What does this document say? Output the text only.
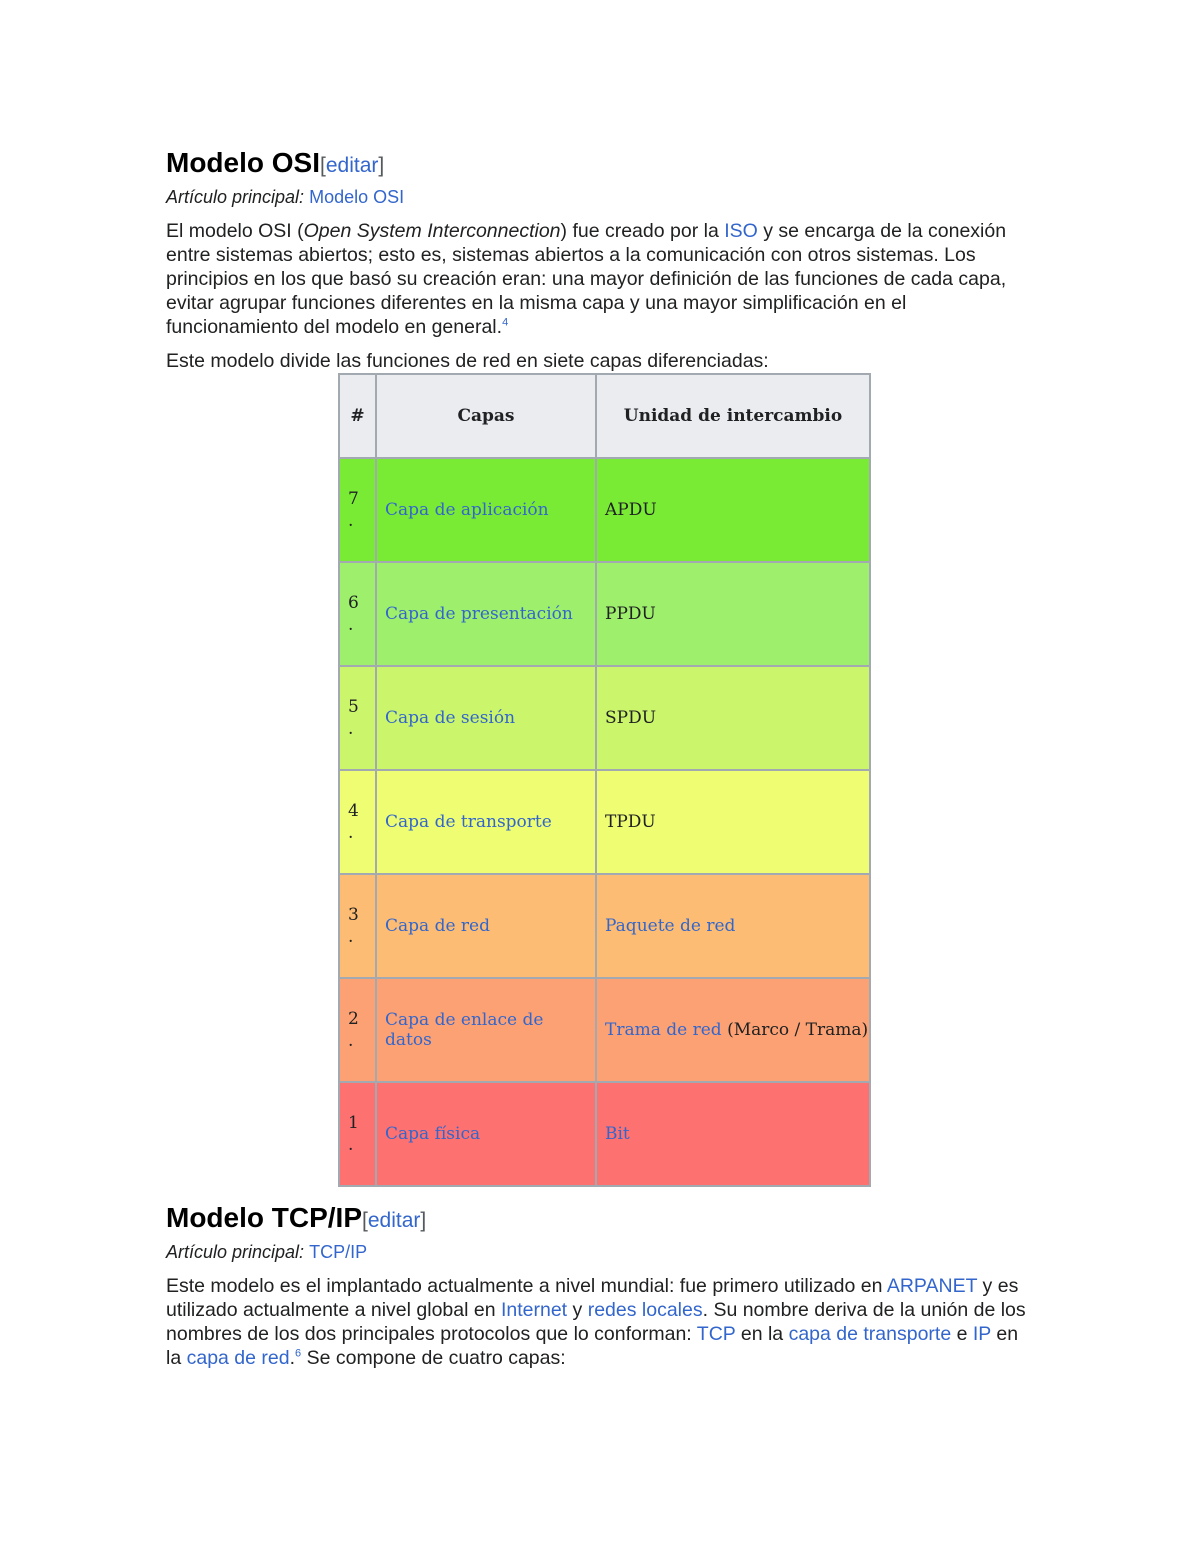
Modelo OSI[editar]
Artículo principal: Modelo OSI

El modelo OSI (Open System Interconnection) fue creado por la ISO y se encarga de la conexión entre sistemas abiertos; esto es, sistemas abiertos a la comunicación con otros sistemas. Los principios en los que basó su creación eran: una mayor definición de las funciones de cada capa, evitar agrupar funciones diferentes en la misma capa y una mayor simplificación en el funcionamiento del modelo en general.$^4$

Este modelo divide las funciones de red en siete capas diferenciadas:

#	Capas	Unidad de intercambio

7
.	Capa de aplicación	APDU

6
.	Capa de presentación	PPDU

5
.	Capa de sesión	SPDU

4
.	Capa de transporte	TPDU

3
.	Capa de red	Paquete de red

2
.	Capa de enlace de datos	Trama de red (Marco / Trama)

1
.	Capa física	Bit
Modelo TCP/IP[editar]
Artículo principal: TCP/IP

Este modelo es el implantado actualmente a nivel mundial: fue primero utilizado en ARPANET y es utilizado actualmente a nivel global en Internet y redes locales. Su nombre deriva de la unión de los nombres de los dos principales protocolos que lo conforman: TCP en la capa de transporte e IP en la capa de red.$^6$ Se compone de cuatro capas:
